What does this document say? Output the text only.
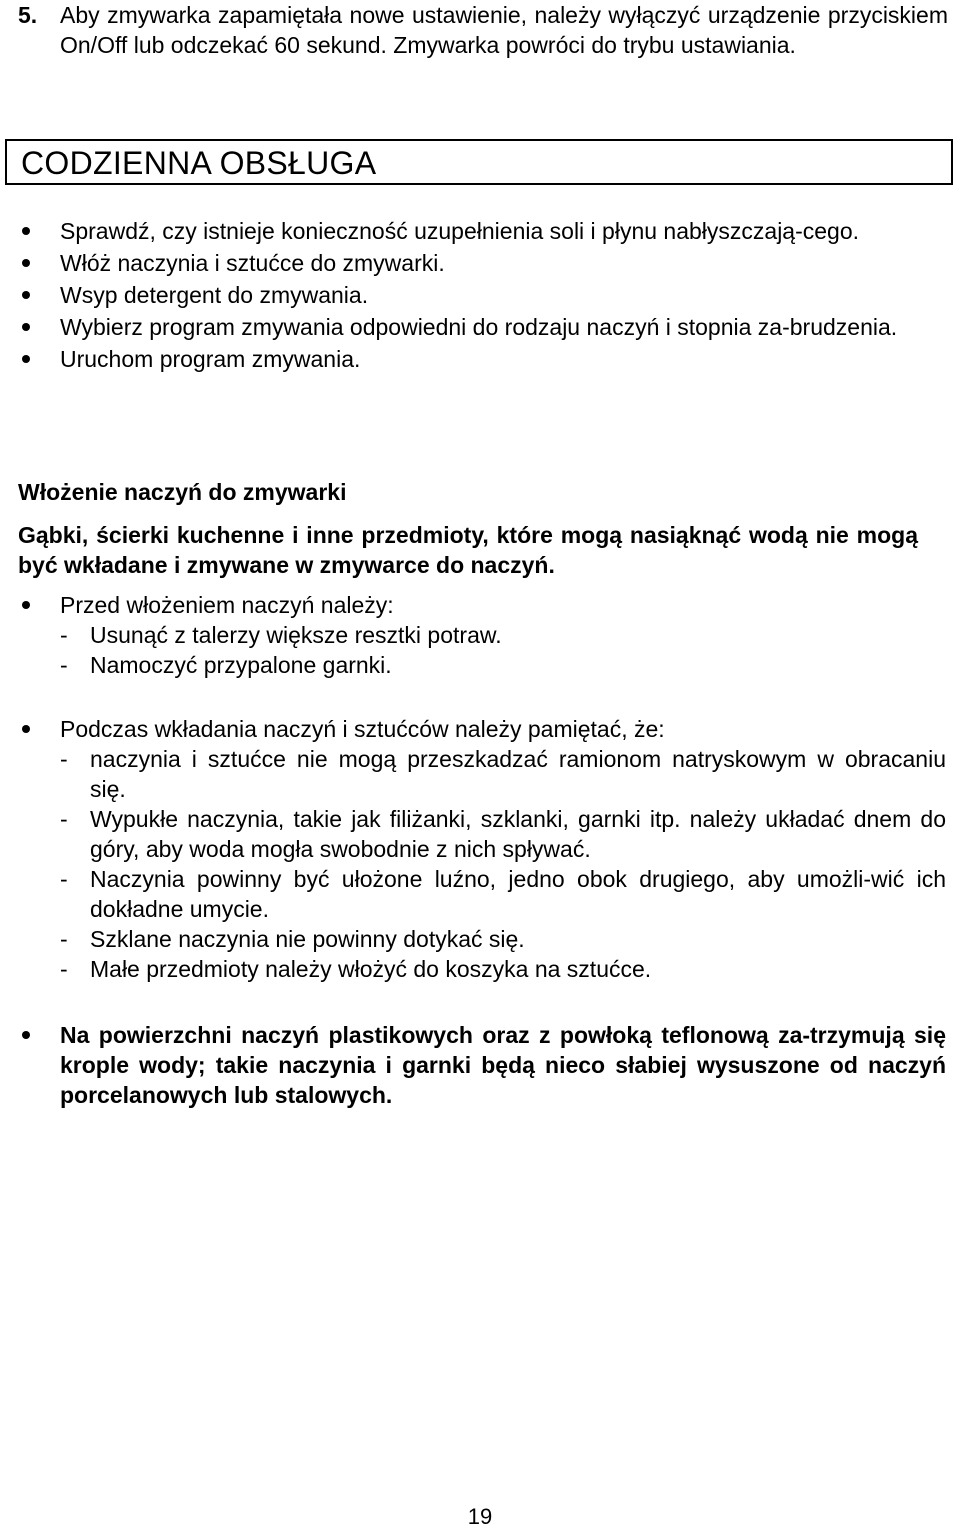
5. Aby zmywarka zapamiętała nowe ustawienie, należy wyłączyć urządzenie przyciskiem On/Off lub odczekać 60 sekund. Zmywarka powróci do trybu ustawiania.
CODZIENNA OBSŁUGA
Sprawdź, czy istnieje konieczność uzupełnienia soli i płynu nabłyszczają-cego.
Włóż naczynia i sztućce do zmywarki.
Wsyp detergent do zmywania.
Wybierz program zmywania odpowiedni do rodzaju naczyń i stopnia za-brudzenia.
Uruchom program zmywania.
Włożenie naczyń do zmywarki
Gąbki, ścierki kuchenne i inne przedmioty, które mogą nasiąknąć wodą nie mogą być wkładane i zmywane w zmywarce do naczyń.
Przed włożeniem naczyń należy:
- Usunąć z talerzy większe resztki potraw.
- Namoczyć przypalone garnki.
Podczas wkładania naczyń i sztućców należy pamiętać, że:
- naczynia i sztućce nie mogą przeszkadzać ramionom natryskowym w obracaniu się.
- Wypukłe naczynia, takie jak filiżanki, szklanki, garnki itp. należy układać dnem do góry, aby woda mogła swobodnie z nich spływać.
- Naczynia powinny być ułożone luźno, jedno obok drugiego, aby umożli-wić ich dokładne umycie.
- Szklane naczynia nie powinny dotykać się.
- Małe przedmioty należy włożyć do koszyka na sztućce.
Na powierzchni naczyń plastikowych oraz z powłoką teflonową za-trzymują się krople wody; takie naczynia i garnki będą nieco słabiej wysuszone od naczyń porcelanowych lub stalowych.
19
